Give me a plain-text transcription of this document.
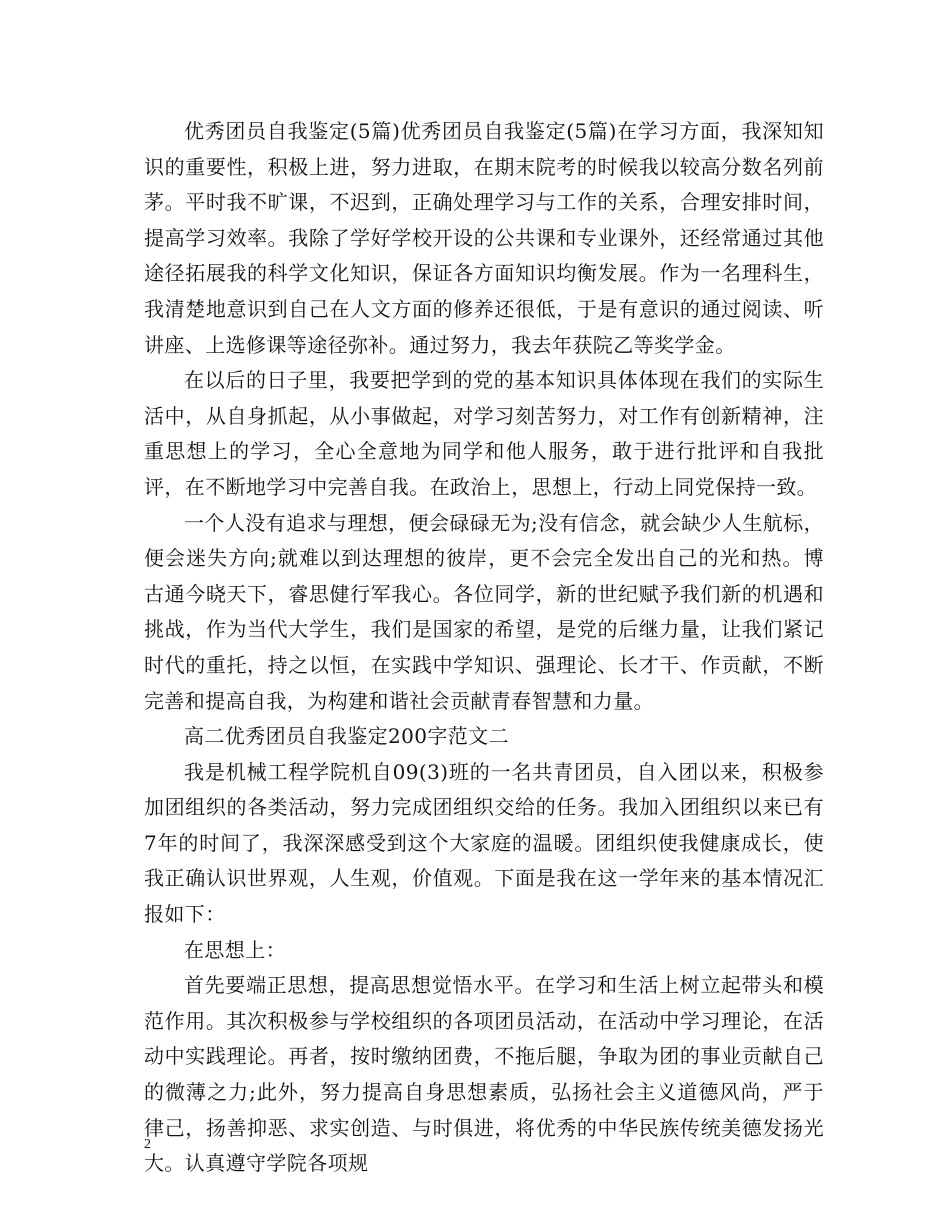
优秀团员自我鉴定(5篇)优秀团员自我鉴定(5篇)在学习方面，我深知知识的重要性，积极上进，努力进取，在期末院考的时候我以较高分数名列前茅。平时我不旷课，不迟到，正确处理学习与工作的关系，合理安排时间，提高学习效率。我除了学好学校开设的公共课和专业课外，还经常通过其他途径拓展我的科学文化知识，保证各方面知识均衡发展。作为一名理科生，我清楚地意识到自己在人文方面的修养还很低，于是有意识的通过阅读、听讲座、上选修课等途径弥补。通过努力，我去年获院乙等奖学金。

在以后的日子里，我要把学到的党的基本知识具体体现在我们的实际生活中，从自身抓起，从小事做起，对学习刻苦努力，对工作有创新精神，注重思想上的学习，全心全意地为同学和他人服务，敢于进行批评和自我批评，在不断地学习中完善自我。在政治上，思想上，行动上同党保持一致。

一个人没有追求与理想，便会碌碌无为;没有信念，就会缺少人生航标，便会迷失方向;就难以到达理想的彼岸，更不会完全发出自己的光和热。博古通今晓天下，睿思健行军我心。各位同学，新的世纪赋予我们新的机遇和挑战，作为当代大学生，我们是国家的希望，是党的后继力量，让我们紧记时代的重托，持之以恒，在实践中学知识、强理论、长才干、作贡献，不断完善和提高自我，为构建和谐社会贡献青春智慧和力量。

高二优秀团员自我鉴定200字范文二

我是机械工程学院机自09(3)班的一名共青团员，自入团以来，积极参加团组织的各类活动，努力完成团组织交给的任务。我加入团组织以来已有7年的时间了，我深深感受到这个大家庭的温暖。团组织使我健康成长，使我正确认识世界观，人生观，价值观。下面是我在这一学年来的基本情况汇报如下：

在思想上：

首先要端正思想，提高思想觉悟水平。在学习和生活上树立起带头和模范作用。其次积极参与学校组织的各项团员活动，在活动中学习理论，在活动中实践理论。再者，按时缴纳团费，不拖后腿，争取为团的事业贡献自己的微薄之力;此外，努力提高自身思想素质，弘扬社会主义道德风尚，严于律己，扬善抑恶、求实创造、与时俱进，将优秀的中华民族传统美德发扬光大。认真遵守学院各项规

2
